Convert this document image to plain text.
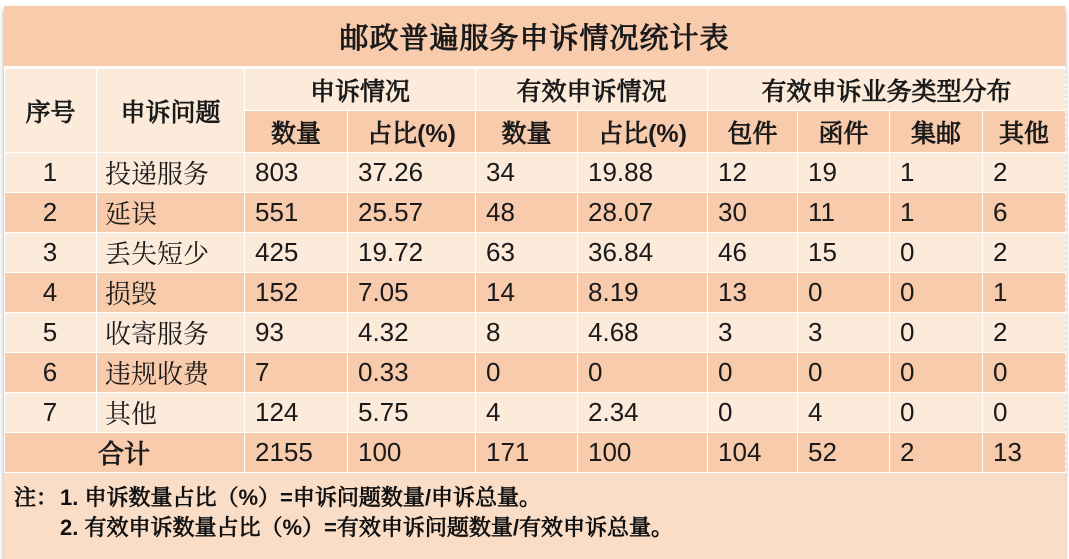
邮政普遍服务申诉情况统计表
序号	申诉问题	申诉情况		有效申诉情况		有效申诉业务类型分布			
		数量	占比(%)	数量	占比(%)	包件	函件	集邮	其他
1	投递服务	803	37.26	34	19.88	12	19	1	2
2	延误	551	25.57	48	28.07	30	11	1	6
3	丢失短少	425	19.72	63	36.84	46	15	0	2
4	损毁	152	7.05	14	8.19	13	0	0	1
5	收寄服务	93	4.32	8	4.68	3	3	0	2
6	违规收费	7	0.33	0	0	0	0	0	0
7	其他	124	5.75	4	2.34	0	4	0	0
合计		2155	100	171	100	104	52	2	13
注： 1. 申诉数量占比（%）=申诉问题数量/申诉总量。
2. 有效申诉数量占比（%）=有效申诉问题数量/有效申诉总量。
